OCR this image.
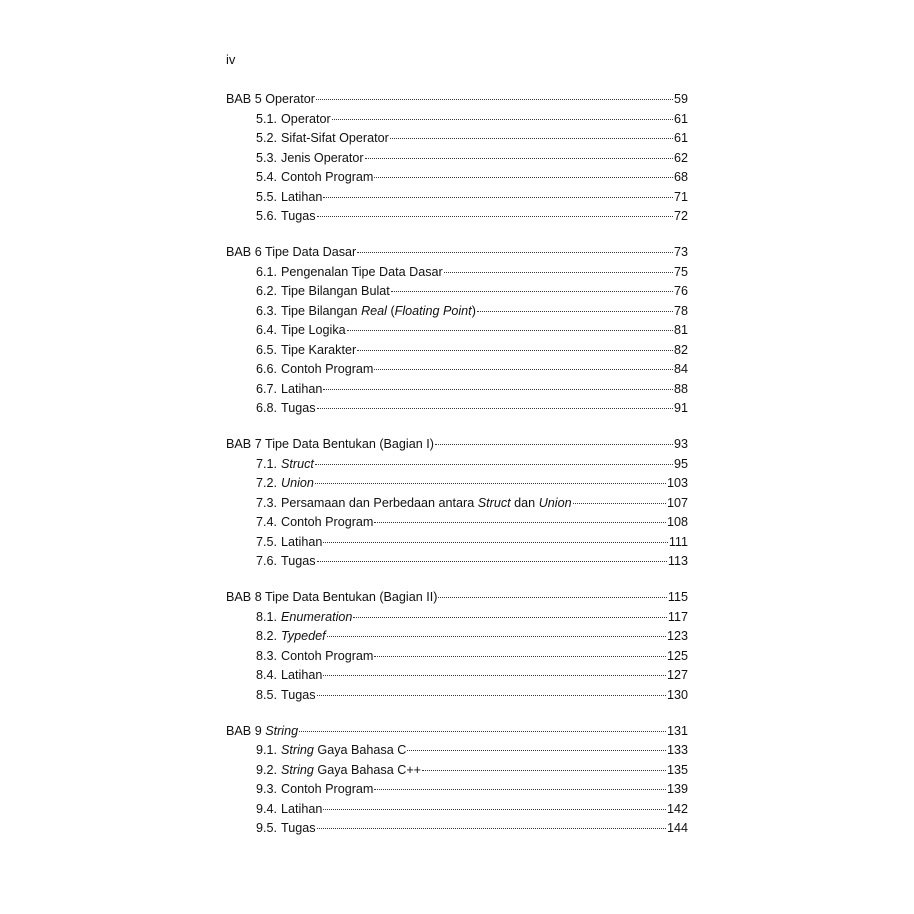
iv
BAB 5 Operator	59
5.1. Operator	61
5.2. Sifat-Sifat Operator	61
5.3. Jenis Operator	62
5.4. Contoh Program	68
5.5. Latihan	71
5.6. Tugas	72
BAB 6 Tipe Data Dasar	73
6.1. Pengenalan Tipe Data Dasar	75
6.2. Tipe Bilangan Bulat	76
6.3. Tipe Bilangan Real (Floating Point)	78
6.4. Tipe Logika	81
6.5. Tipe Karakter	82
6.6. Contoh Program	84
6.7. Latihan	88
6.8. Tugas	91
BAB 7 Tipe Data Bentukan (Bagian I)	93
7.1. Struct	95
7.2. Union	103
7.3. Persamaan dan Perbedaan antara Struct dan Union	107
7.4. Contoh Program	108
7.5. Latihan	111
7.6. Tugas	113
BAB 8 Tipe Data Bentukan (Bagian II)	115
8.1. Enumeration	117
8.2. Typedef	123
8.3. Contoh Program	125
8.4. Latihan	127
8.5. Tugas	130
BAB 9 String	131
9.1. String Gaya Bahasa C	133
9.2. String Gaya Bahasa C++	135
9.3. Contoh Program	139
9.4. Latihan	142
9.5. Tugas	144
